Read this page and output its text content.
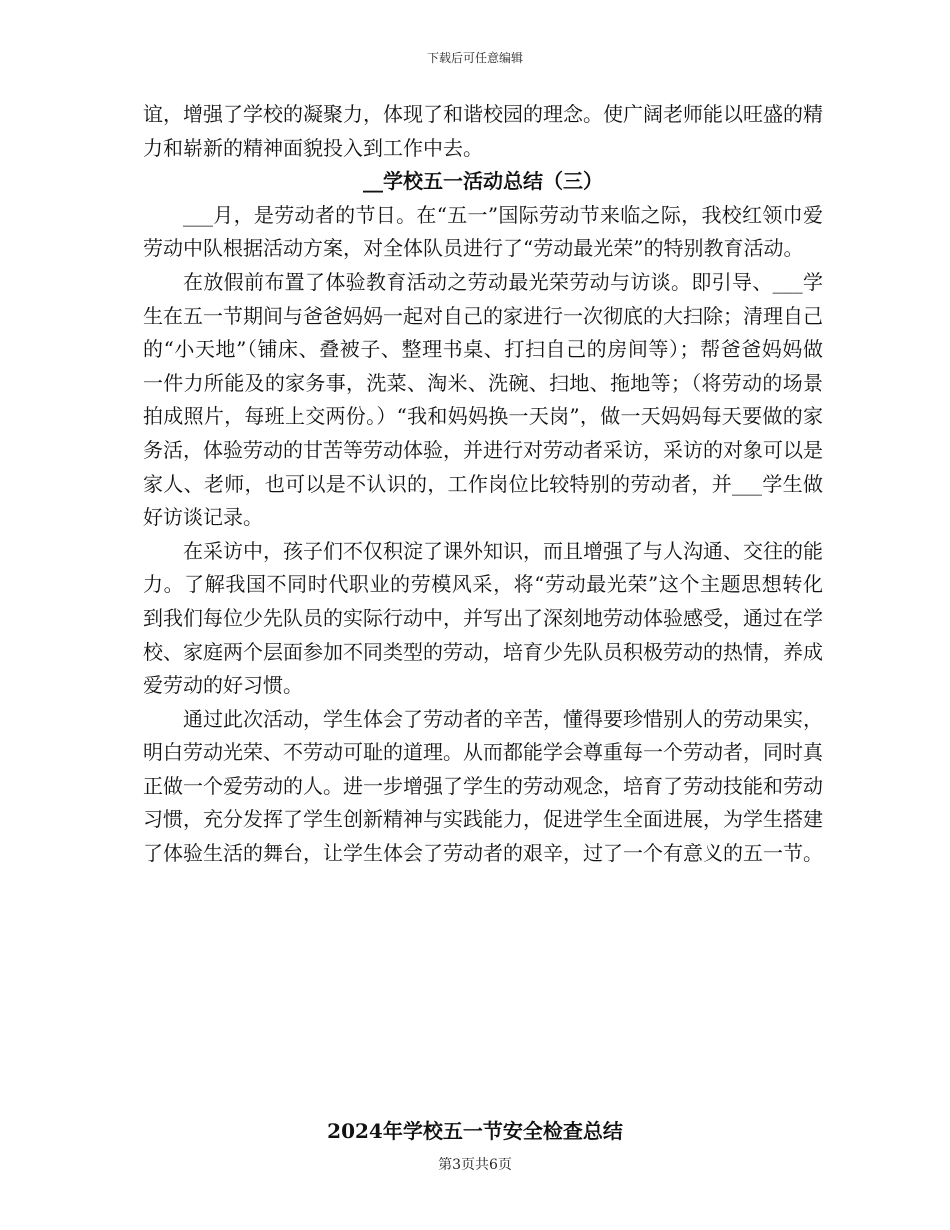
下载后可任意编辑

谊，增强了学校的凝聚力，体现了和谐校园的理念。使广阔老师能以旺盛的精力和崭新的精神面貌投入到工作中去。

__学校五一活动总结（三）

___月，是劳动者的节日。在“五一”国际劳动节来临之际，我校红领巾爱劳动中队根据活动方案，对全体队员进行了“劳动最光荣”的特别教育活动。

在放假前布置了体验教育活动之劳动最光荣劳动与访谈。即引导、___学生在五一节期间与爸爸妈妈一起对自己的家进行一次彻底的大扫除；清理自己的“小天地”（铺床、叠被子、整理书桌、打扫自己的房间等）；帮爸爸妈妈做一件力所能及的家务事，洗菜、淘米、洗碗、扫地、拖地等；（将劳动的场景拍成照片，每班上交两份。）“我和妈妈换一天岗”，做一天妈妈每天要做的家务活，体验劳动的甘苦等劳动体验，并进行对劳动者采访，采访的对象可以是家人、老师，也可以是不认识的，工作岗位比较特别的劳动者，并___学生做好访谈记录。

在采访中，孩子们不仅积淀了课外知识，而且增强了与人沟通、交往的能力。了解我国不同时代职业的劳模风采，将“劳动最光荣”这个主题思想转化到我们每位少先队员的实际行动中，并写出了深刻地劳动体验感受，通过在学校、家庭两个层面参加不同类型的劳动，培育少先队员积极劳动的热情，养成爱劳动的好习惯。

通过此次活动，学生体会了劳动者的辛苦，懂得要珍惜别人的劳动果实，明白劳动光荣、不劳动可耻的道理。从而都能学会尊重每一个劳动者，同时真正做一个爱劳动的人。进一步增强了学生的劳动观念，培育了劳动技能和劳动习惯，充分发挥了学生创新精神与实践能力，促进学生全面进展，为学生搭建了体验生活的舞台，让学生体会了劳动者的艰辛，过了一个有意义的五一节。

2024年学校五一节安全检查总结
第3页共6页
